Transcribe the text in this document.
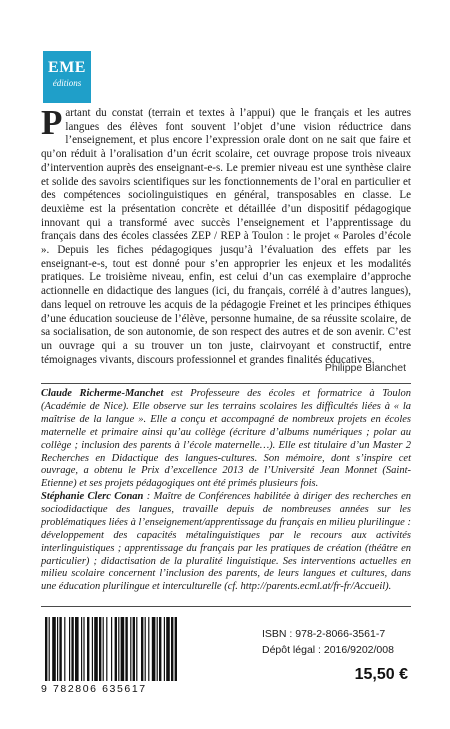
EME
éditions

Partant du constat (terrain et textes à l’appui) que le français et les autres langues des élèves font souvent l’objet d’une vision réductrice dans l’enseignement, et plus encore l’expression orale dont on ne sait que faire et qu’on réduit à l’oralisation d’un écrit scolaire, cet ouvrage propose trois niveaux d’intervention auprès des enseignant-e-s. Le premier niveau est une synthèse claire et solide des savoirs scientifiques sur les fonctionnements de l’oral en particulier et des compétences sociolinguistiques en général, transposables en classe. Le deuxième est la présentation concrète et détaillée d’un dispositif pédagogique innovant qui a transformé avec succès l’enseignement et l’apprentissage du français dans des écoles classées ZEP / REP à Toulon : le projet « Paroles d’école ». Depuis les fiches pédagogiques jusqu’à l’évaluation des effets par les enseignant-e-s, tout est donné pour s’en approprier les enjeux et les modalités pratiques. Le troisième niveau, enfin, est celui d’un cas exemplaire d’approche actionnelle en didactique des langues (ici, du français, corrélé à d’autres langues), dans lequel on retrouve les acquis de la pédagogie Freinet et les principes éthiques d’une éducation soucieuse de l’élève, personne humaine, de sa réussite scolaire, de sa socialisation, de son autonomie, de son respect des autres et de son avenir. C’est un ouvrage qui a su trouver un ton juste, clairvoyant et constructif, entre témoignages vivants, discours professionnel et grandes finalités éducatives.

Philippe Blanchet

Claude Richerme-Manchet est Professeure des écoles et formatrice à Toulon (Académie de Nice). Elle observe sur les terrains scolaires les difficultés liées à « la maîtrise de la langue ». Elle a conçu et accompagné de nombreux projets en écoles maternelle et primaire ainsi qu’au collège (écriture d’albums numériques ; polar au collège ; inclusion des parents à l’école maternelle…). Elle est titulaire d’un Master 2 Recherches en Didactique des langues-cultures. Son mémoire, dont s’inspire cet ouvrage, a obtenu le Prix d’excellence 2013 de l’Université Jean Monnet (Saint-Etienne) et ses projets pédagogiques ont été primés plusieurs fois.

Stéphanie Clerc Conan : Maître de Conférences habilitée à diriger des recherches en sociodidactique des langues, travaille depuis de nombreuses années sur les problématiques liées à l’enseignement/apprentissage du français en milieu plurilingue : développement des capacités métalinguistiques par le recours aux activités interlinguistiques ; apprentissage du français par les pratiques de création (théâtre en particulier) ; didactisation de la pluralité linguistique. Ses interventions actuelles en milieu scolaire concernent l’inclusion des parents, de leurs langues et cultures, dans une éducation plurilingue et interculturelle (cf. http://parents.ecml.at/fr-fr/Accueil).

9 782806 635617
ISBN : 978-2-8066-3561-7
Dépôt légal : 2016/9202/008
15,50 €
